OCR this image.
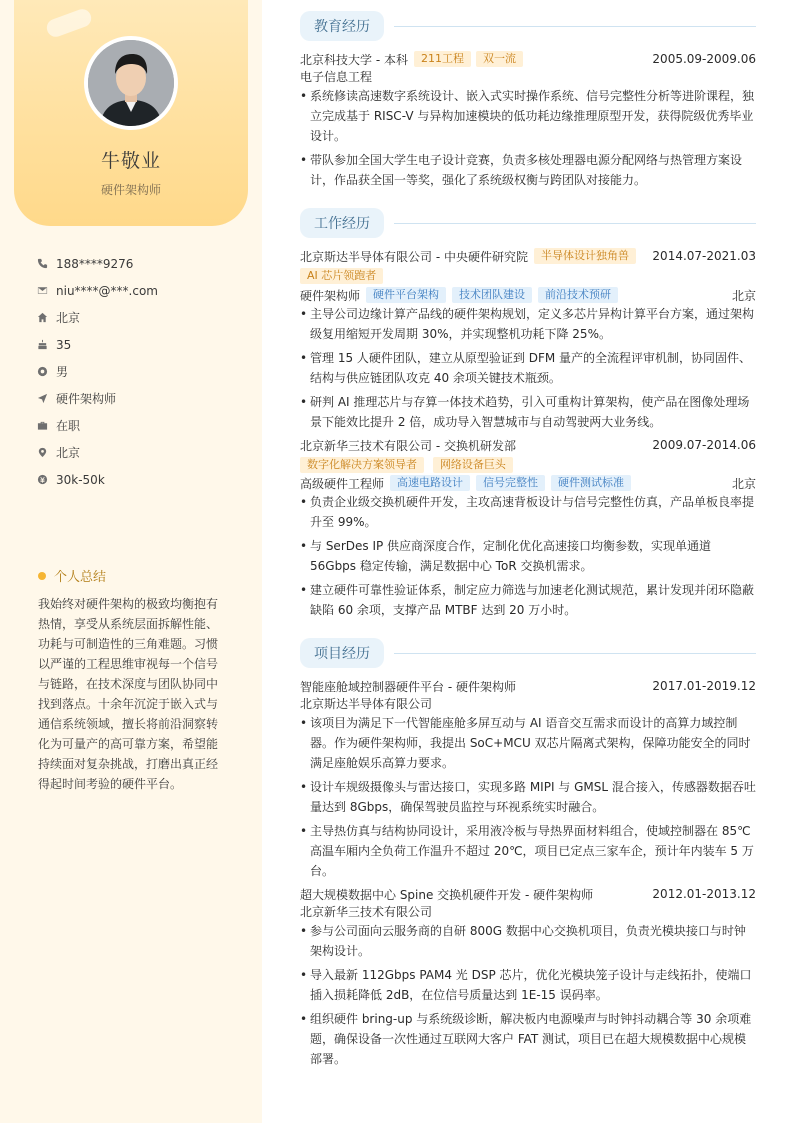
牛敬业
硬件架构师
188****9276
niu****@***.com
北京
35
男
硬件架构师
在职
北京
30k-50k
个人总结
我始终对硬件架构的极致均衡抱有热情，享受从系统层面拆解性能、功耗与可制造性的三角难题。习惯以严谨的工程思维审视每一个信号与链路，在技术深度与团队协同中找到落点。十余年沉淀于嵌入式与通信系统领域，擅长将前沿洞察转化为可量产的高可靠方案，希望能持续面对复杂挑战，打磨出真正经得起时间考验的硬件平台。
教育经历
北京科技大学 - 本科	211工程	双一流	2005.09-2009.06
电子信息工程
• 系统修读高速数字系统设计、嵌入式实时操作系统、信号完整性分析等进阶课程，独立完成基于 RISC-V 与异构加速模块的低功耗边缘推理原型开发，获得院级优秀毕业设计。
• 带队参加全国大学生电子设计竞赛，负责多核处理器电源分配网络与热管理方案设计，作品获全国一等奖，强化了系统级权衡与跨团队对接能力。
工作经历
北京斯达半导体有限公司 - 中央硬件研究院	半导体设计独角兽	2014.07-2021.03
AI 芯片领跑者
硬件架构师	硬件平台架构	技术团队建设	前沿技术预研	北京
• 主导公司边缘计算产品线的硬件架构规划，定义多芯片异构计算平台方案，通过架构级复用缩短开发周期 30%，并实现整机功耗下降 25%。
• 管理 15 人硬件团队，建立从原型验证到 DFM 量产的全流程评审机制，协同固件、结构与供应链团队攻克 40 余项关键技术瓶颈。
• 研判 AI 推理芯片与存算一体技术趋势，引入可重构计算架构，使产品在图像处理场景下能效比提升 2 倍，成功导入智慧城市与自动驾驶两大业务线。
北京新华三技术有限公司 - 交换机研发部	2009.07-2014.06
数字化解决方案领导者 网络设备巨头
高级硬件工程师	高速电路设计	信号完整性	硬件测试标准	北京
• 负责企业级交换机硬件开发，主攻高速背板设计与信号完整性仿真，产品单板良率提升至 99%。
• 与 SerDes IP 供应商深度合作，定制化优化高速接口均衡参数，实现单通道 56Gbps 稳定传输，满足数据中心 ToR 交换机需求。
• 建立硬件可靠性验证体系，制定应力筛选与加速老化测试规范，累计发现并闭环隐蔽缺陷 60 余项，支撑产品 MTBF 达到 20 万小时。
项目经历
智能座舱域控制器硬件平台 - 硬件架构师	2017.01-2019.12
北京斯达半导体有限公司
• 该项目为满足下一代智能座舱多屏互动与 AI 语音交互需求而设计的高算力域控制器。作为硬件架构师，我提出 SoC+MCU 双芯片隔离式架构，保障功能安全的同时满足座舱娱乐高算力要求。
• 设计车规级摄像头与雷达接口，实现多路 MIPI 与 GMSL 混合接入，传感器数据吞吐量达到 8Gbps，确保驾驶员监控与环视系统实时融合。
• 主导热仿真与结构协同设计，采用液冷板与导热界面材料组合，使域控制器在 85℃ 高温车厢内全负荷工作温升不超过 20℃，项目已定点三家车企，预计年内装车 5 万台。
超大规模数据中心 Spine 交换机硬件开发 - 硬件架构师	2012.01-2013.12
北京新华三技术有限公司
• 参与公司面向云服务商的自研 800G 数据中心交换机项目，负责光模块接口与时钟架构设计。
• 导入最新 112Gbps PAM4 光 DSP 芯片，优化光模块笼子设计与走线拓扑，使端口插入损耗降低 2dB，在位信号质量达到 1E-15 误码率。
• 组织硬件 bring-up 与系统级诊断，解决板内电源噪声与时钟抖动耦合等 30 余项难题，确保设备一次性通过互联网大客户 FAT 测试，项目已在超大规模数据中心规模部署。
